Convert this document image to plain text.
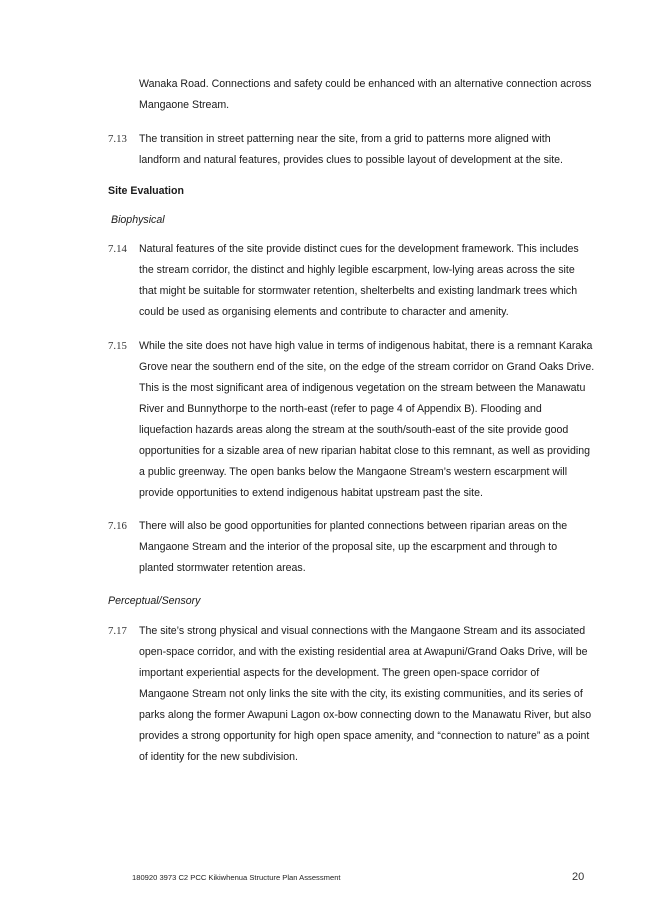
Wanaka Road. Connections and safety could be enhanced with an alternative connection across
Mangaone Stream.
7.13 The transition in street patterning near the site, from a grid to patterns more aligned with
landform and natural features, provides clues to possible layout of development at the site.
Site Evaluation
Biophysical
7.14 Natural features of the site provide distinct cues for the development framework. This includes
the stream corridor, the distinct and highly legible escarpment, low-lying areas across the site
that might be suitable for stormwater retention, shelterbelts and existing landmark trees which
could be used as organising elements and contribute to character and amenity.
7.15 While the site does not have high value in terms of indigenous habitat, there is a remnant Karaka
Grove near the southern end of the site, on the edge of the stream corridor on Grand Oaks Drive.
This is the most significant area of indigenous vegetation on the stream between the Manawatu
River and Bunnythorpe to the north-east (refer to page 4 of Appendix B). Flooding and
liquefaction hazards areas along the stream at the south/south-east of the site provide good
opportunities for a sizable area of new riparian habitat close to this remnant, as well as providing
a public greenway. The open banks below the Mangaone Stream’s western escarpment will
provide opportunities to extend indigenous habitat upstream past the site.
7.16 There will also be good opportunities for planted connections between riparian areas on the
Mangaone Stream and the interior of the proposal site, up the escarpment and through to
planted stormwater retention areas.
Perceptual/Sensory
7.17 The site’s strong physical and visual connections with the Mangaone Stream and its associated
open-space corridor, and with the existing residential area at Awapuni/Grand Oaks Drive, will be
important experiential aspects for the development. The green open-space corridor of
Mangaone Stream not only links the site with the city, its existing communities, and its series of
parks along the former Awapuni Lagon ox-bow connecting down to the Manawatu River, but also
provides a strong opportunity for high open space amenity, and “connection to nature” as a point
of identity for the new subdivision.
180920 3973 C2 PCC Kikiwhenua Structure Plan Assessment	20
